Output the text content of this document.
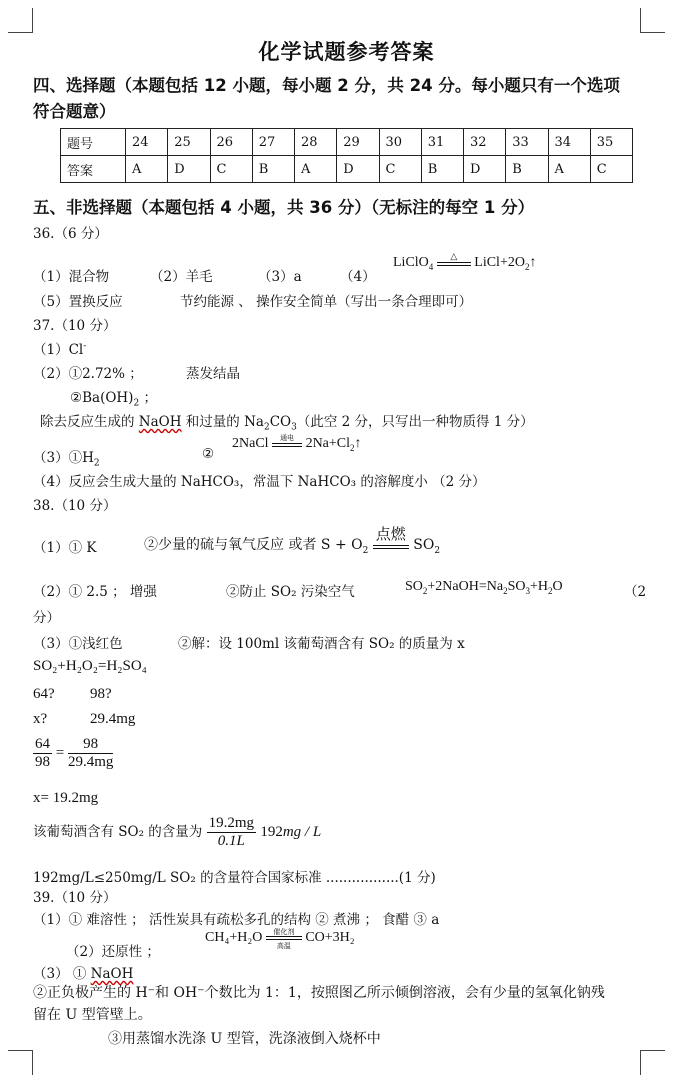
化学试题参考答案
四、选择题（本题包括 12 小题，每小题 2 分，共 24 分。每小题只有一个选项
符合题意）
题号	24	25	26	27	28	29	30	31	32	33	34	35
答案	A	D	C	B	A	D	C	B	D	B	A	C
五、非选择题（本题包括 4 小题，共 36 分）（无标注的每空 1 分）
36.（6 分）
（1）混合物	（2）羊毛	（3）a	（4）
LiClO$_4$
△	$LiCl+2O_2↑$
（5）置换反应	节约能源 、 操作安全简单（写出一条合理即可）
37.（10 分）
（1）Cl-
（2）①2.72% ；	蒸发结晶
$②Ba(OH)_2$ ；
除去反应生成的 NaOH 和过量的 $Na_2CO_3$（此空 2 分，只写出一种物质得 1 分）
$(3)①H_2$
②
2NaCl	通电 $2Na+Cl_2↑$
（4）反应会生成大量的 NaHCO₃，常温下 NaHCO₃ 的溶解度小 （2 分）
38.（10 分）
（1）① K	②少量的硫与氧气反应 或者 $S + O_2$
点燃
$SO_2$
（2）① 2.5 ； 增强	②防止 SO₂ 污染空气	$SO_2+2NaOH=Na_2SO_3+H_2O$	（2
分）
（3）①浅红色	②解：设 100ml 该葡萄酒含有 SO₂ 的质量为 x
SO₂+H₂O₂=H₂SO₄
64? 98?
x?	29.4mg
$\frac{64}{98} = \frac{98}{29.4mg}$
x= 19.2mg
该葡萄酒含有 SO₂ 的含量为 $\frac{19.2mg}{0.1L} 192mg$ / L
192mg/L≤250mg/L SO₂ 的含量符合国家标准 .................(1 分)
39.（10 分）
（1）① 难溶性 ； 活性炭具有疏松多孔的结构 ② 煮沸 ； 食醋 ③ a
（2）还原性 ；
CH₄+H₂O	催化剂
高温
CO+3H₂
（3） ① NaOH
②正负极产生的 H⁻和 OH⁻个数比为 1：1，按照图乙所示倾倒溶液，会有少量的氢氧化钠残
留在 U 型管壁上。
③用蒸馏水洗涤 U 型管，洗涤液倒入烧杯中
